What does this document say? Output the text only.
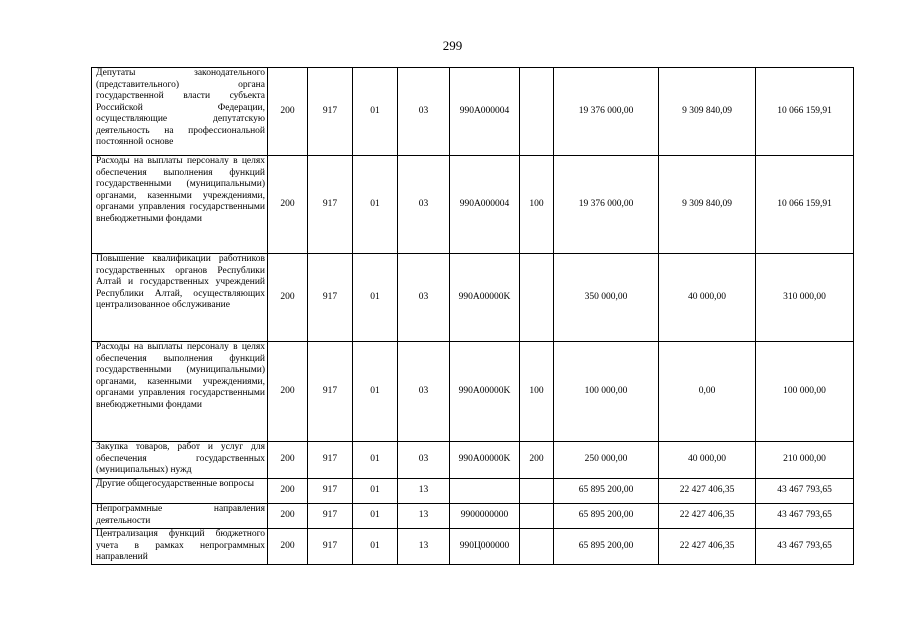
299
Депутаты законодательного (представительного) органа государственной власти субъекта Российской Федерации, осуществляющие депутатскую деятельность на профессиональной постоянной основе	200	917	01	03	990A000004		19 376 000,00	9 309 840,09	10 066 159,91
Расходы на выплаты персоналу в целях обеспечения выполнения функций государственными (муниципальными) органами, казенными учреждениями, органами управления государственными внебюджетными фондами	200	917	01	03	990A000004	100	19 376 000,00	9 309 840,09	10 066 159,91
Повышение квалификации работников государственных органов Республики Алтай и государственных учреждений Республики Алтай, осуществляющих централизованное обслуживание	200	917	01	03	990A00000K		350 000,00	40 000,00	310 000,00
Расходы на выплаты персоналу в целях обеспечения выполнения функций государственными (муниципальными) органами, казенными учреждениями, органами управления государственными внебюджетными фондами	200	917	01	03	990A00000K	100	100 000,00	0,00	100 000,00
Закупка товаров, работ и услуг для обеспечения государственных (муниципальных) нужд	200	917	01	03	990A00000K	200	250 000,00	40 000,00	210 000,00
Другие общегосударственные вопросы	200	917	01	13			65 895 200,00	22 427 406,35	43 467 793,65
Непрограммные направления деятельности	200	917	01	13	9900000000		65 895 200,00	22 427 406,35	43 467 793,65
Централизация функций бюджетного учета в рамках непрограммных направлений	200	917	01	13	990Ц000000		65 895 200,00	22 427 406,35	43 467 793,65
